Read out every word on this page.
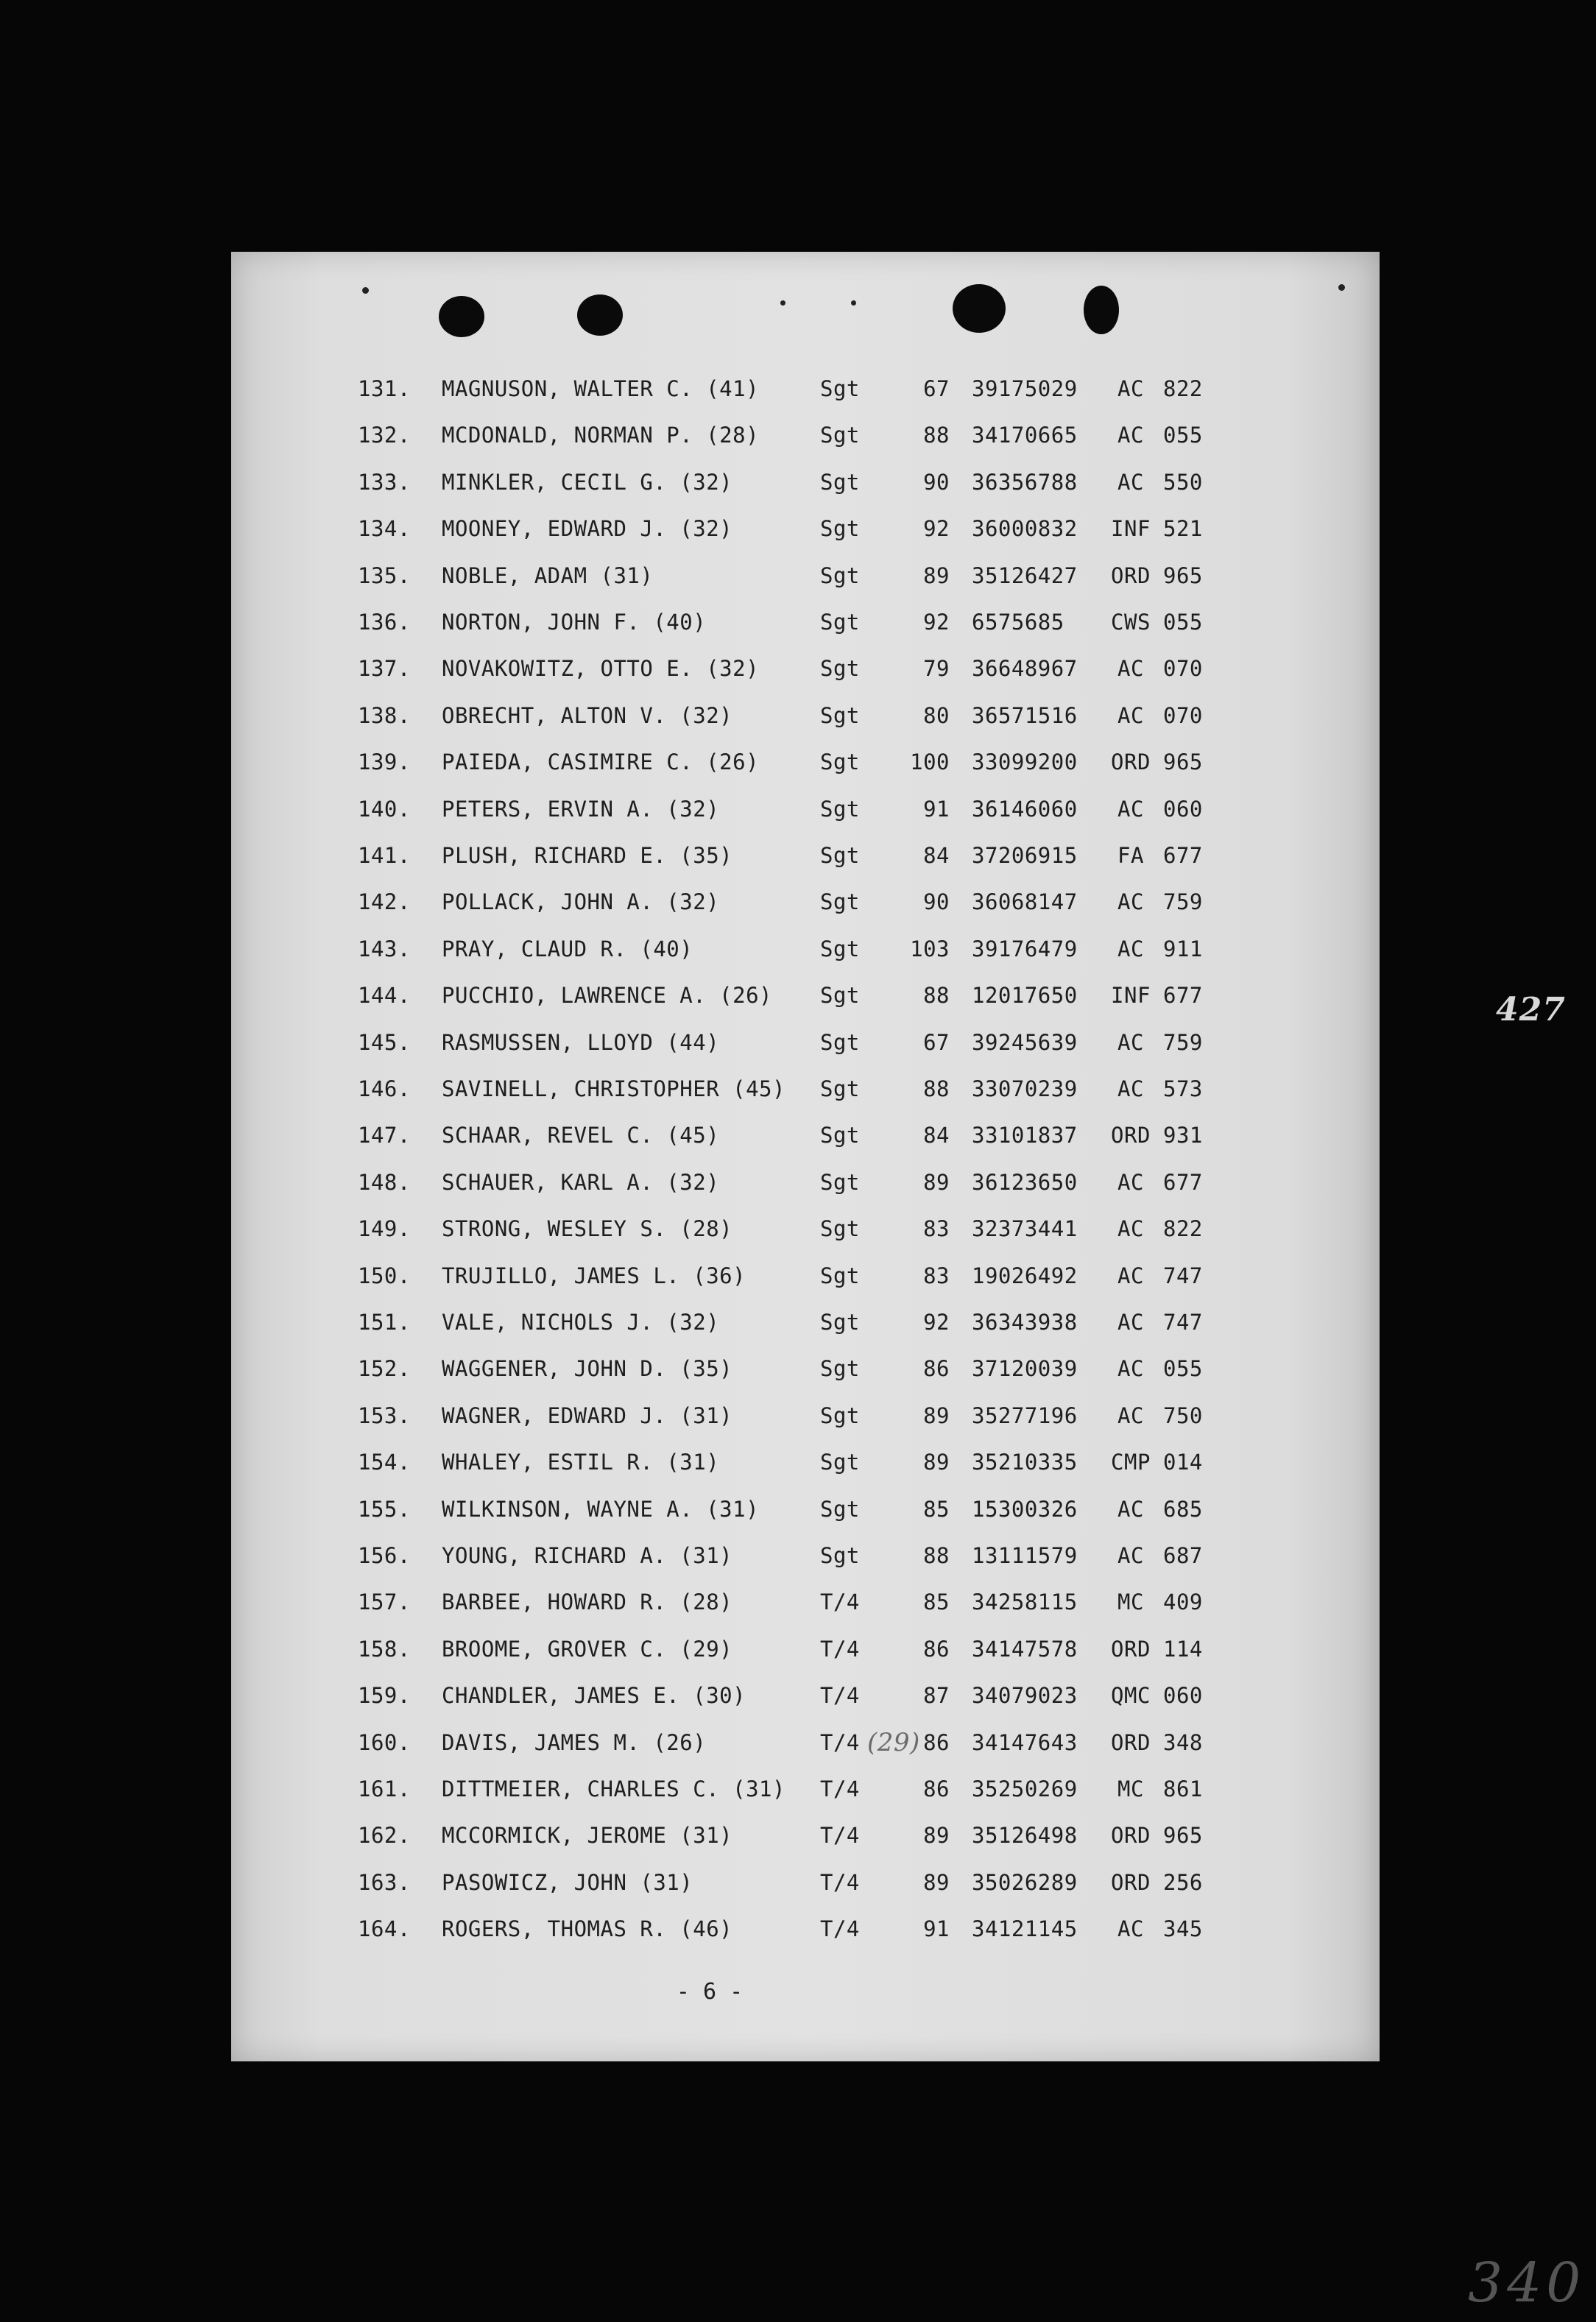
131. MAGNUSON, WALTER C. (41)	Sgt	67 39175029	AC 822
132. MCDONALD, NORMAN P. (28)	Sgt	88 34170665	AC 055
133. MINKLER, CECIL G. (32)	Sgt	90 36356788	AC 550
134. MOONEY, EDWARD J. (32)	Sgt	92 36000832	INF 521
135. NOBLE, ADAM (31)	Sgt	89 35126427	ORD 965
136. NORTON, JOHN F. (40)	Sgt	92 6575685	CWS 055
137. NOVAKOWITZ, OTTO E. (32)	Sgt	79 36648967	AC 070
138. OBRECHT, ALTON V. (32)	Sgt	80 36571516	AC 070
139. PAIEDA, CASIMIRE C. (26)	Sgt 100 33099200	ORD 965
140. PETERS, ERVIN A. (32)	Sgt	91 36146060	AC 060
141. PLUSH, RICHARD E. (35)	Sgt	84 37206915	FA 677
142. POLLACK, JOHN A. (32)	Sgt	90 36068147	AC 759
143. PRAY, CLAUD R. (40)	Sgt 103 39176479	AC 911
144. PUCCHIO, LAWRENCE A. (26) Sgt	88 12017650	INF 677
145. RASMUSSEN, LLOYD (44)	Sgt	67 39245639	AC 759
146. SAVINELL, CHRISTOPHER (45) Sgt	88 33070239	AC 573
147. SCHAAR, REVEL C. (45)	Sgt	84 33101837	ORD 931
148. SCHAUER, KARL A. (32)	Sgt	89 36123650	AC 677
149. STRONG, WESLEY S. (28)	Sgt	83 32373441	AC 822
150. TRUJILLO, JAMES L. (36)	Sgt	83 19026492	AC 747
151. VALE, NICHOLS J. (32)	Sgt	92 36343938	AC 747
152. WAGGENER, JOHN D. (35)	Sgt	86 37120039	AC 055
153. WAGNER, EDWARD J. (31)	Sgt	89 35277196	AC 750
154. WHALEY, ESTIL R. (31)	Sgt	89 35210335	CMP 014
155. WILKINSON, WAYNE A. (31)	Sgt	85 15300326	AC 685
156. YOUNG, RICHARD A. (31)	Sgt	88 13111579	AC 687
157. BARBEE, HOWARD R. (28)	T/4	85 34258115	MC 409
158. BROOME, GROVER C. (29)	T/4	86 34147578	ORD 114
159. CHANDLER, JAMES E. (30)	T/4	87 34079023	QMC 060
160. DAVIS, JAMES M. (26)	T/4	86 34147643	ORD 348
(29)
161. DITTMEIER, CHARLES C. (31) T/4	86 35250269	MC 861
162. MCCORMICK, JEROME (31)	T/4	89 35126498	ORD 965
163. PASOWICZ, JOHN (31)	T/4	89 35026289	ORD 256
164. ROGERS, THOMAS R. (46)	T/4	91 34121145	AC 345
427
- 6 -
340
